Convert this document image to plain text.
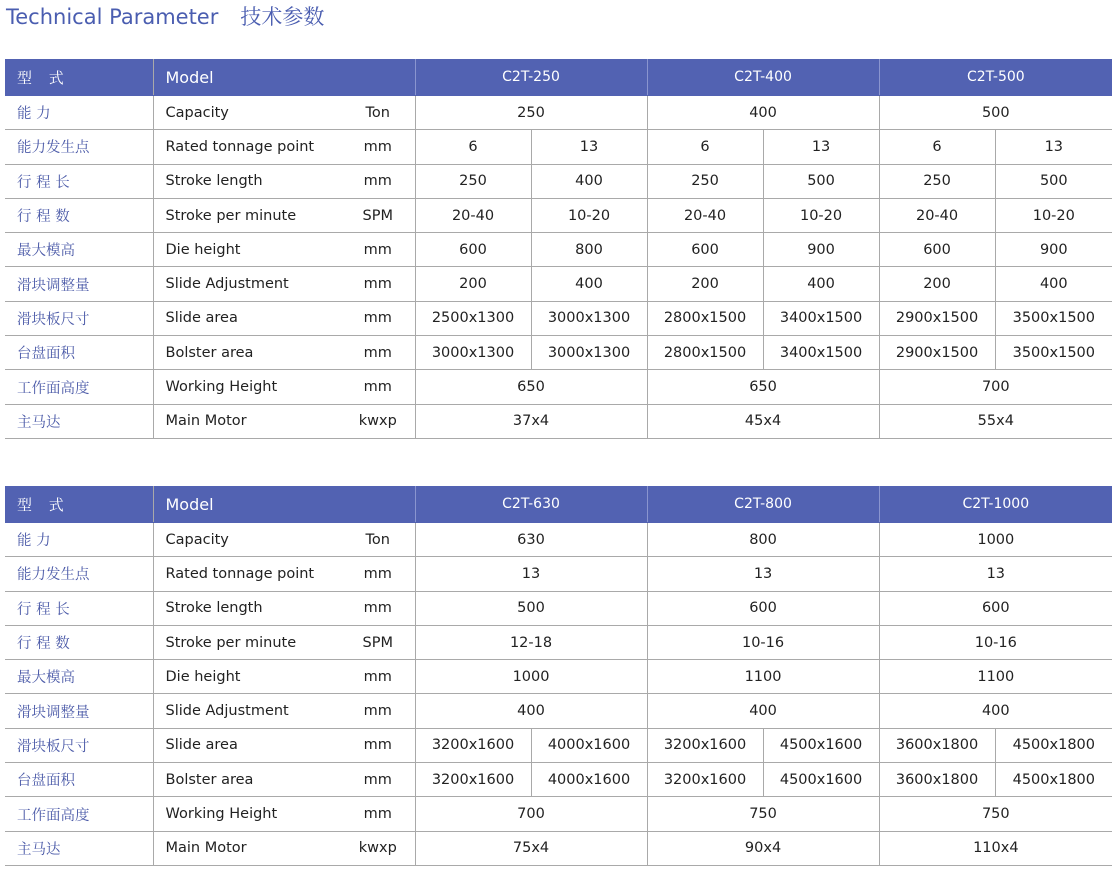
Technical Parameter 技术参数
型 式	Model		C2T-250		C2T-400		C2T-500	
能 力	Capacity	Ton	250		400		500	
能力发生点	Rated tonnage point	mm	6	13	6	13	6	13
行 程 长	Stroke length	mm	250	400	250	500	250	500
行 程 数	Stroke per minute	SPM	20-40	10-20	20-40	10-20	20-40	10-20
最大模高	Die height	mm	600	800	600	900	600	900
滑块调整量	Slide Adjustment	mm	200	400	200	400	200	400
滑块板尺寸	Slide area	mm	2500x1300	3000x1300	2800x1500	3400x1500	2900x1500	3500x1500
台盘面积	Bolster area	mm	3000x1300	3000x1300	2800x1500	3400x1500	2900x1500	3500x1500
工作面高度	Working Height	mm	650		650		700	
主马达	Main Motor	kwxp	37x4		45x4		55x4	
型 式	Model		C2T-630		C2T-800		C2T-1000	
能 力	Capacity	Ton	630		800		1000	
能力发生点	Rated tonnage point	mm	13		13		13	
行 程 长	Stroke length	mm	500		600		600	
行 程 数	Stroke per minute	SPM	12-18		10-16		10-16	
最大模高	Die height	mm	1000		1100		1100	
滑块调整量	Slide Adjustment	mm	400		400		400	
滑块板尺寸	Slide area	mm	3200x1600	4000x1600	3200x1600	4500x1600	3600x1800	4500x1800
台盘面积	Bolster area	mm	3200x1600	4000x1600	3200x1600	4500x1600	3600x1800	4500x1800
工作面高度	Working Height	mm	700		750		750	
主马达	Main Motor	kwxp	75x4		90x4		110x4	
